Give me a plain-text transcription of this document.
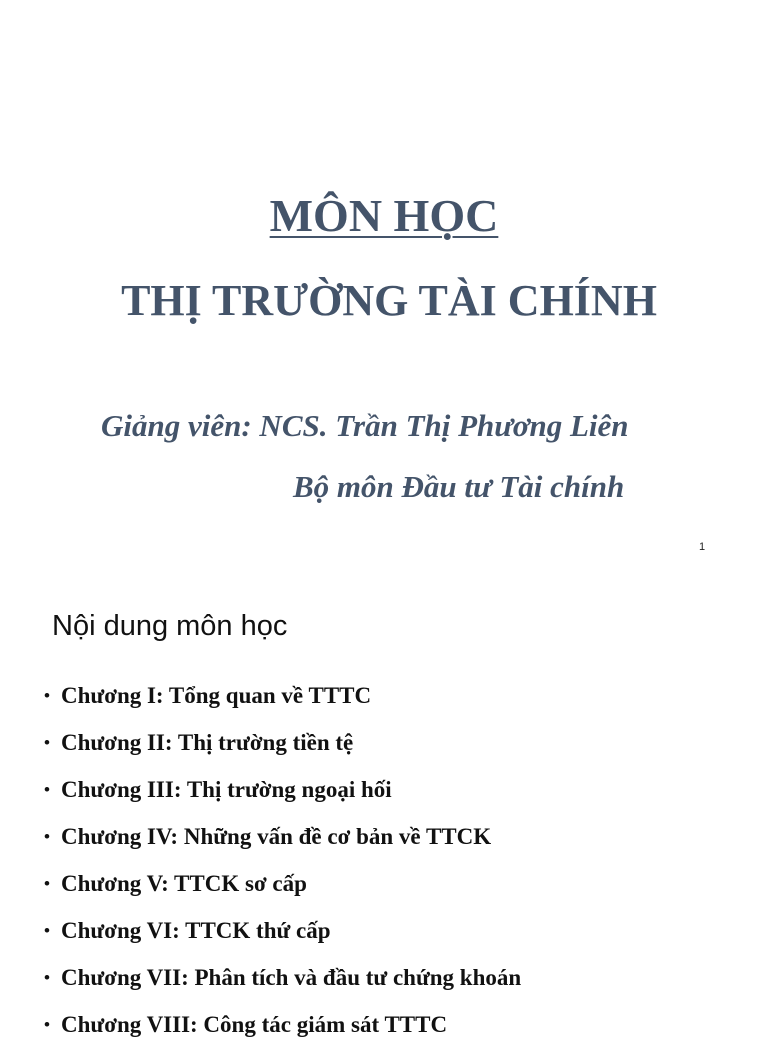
MÔN HỌC
THỊ TRƯỜNG TÀI CHÍNH
Giảng viên: NCS. Trần Thị Phương Liên
Bộ môn Đầu tư Tài chính
1
Nội dung môn học
• Chương I: Tổng quan về TTTC
• Chương II: Thị trường tiền tệ
• Chương III: Thị trường ngoại hối
• Chương IV: Những vấn đề cơ bản về TTCK
• Chương V: TTCK sơ cấp
• Chương VI: TTCK thứ cấp
• Chương VII: Phân tích và đầu tư chứng khoán
• Chương VIII: Công tác giám sát TTTC
